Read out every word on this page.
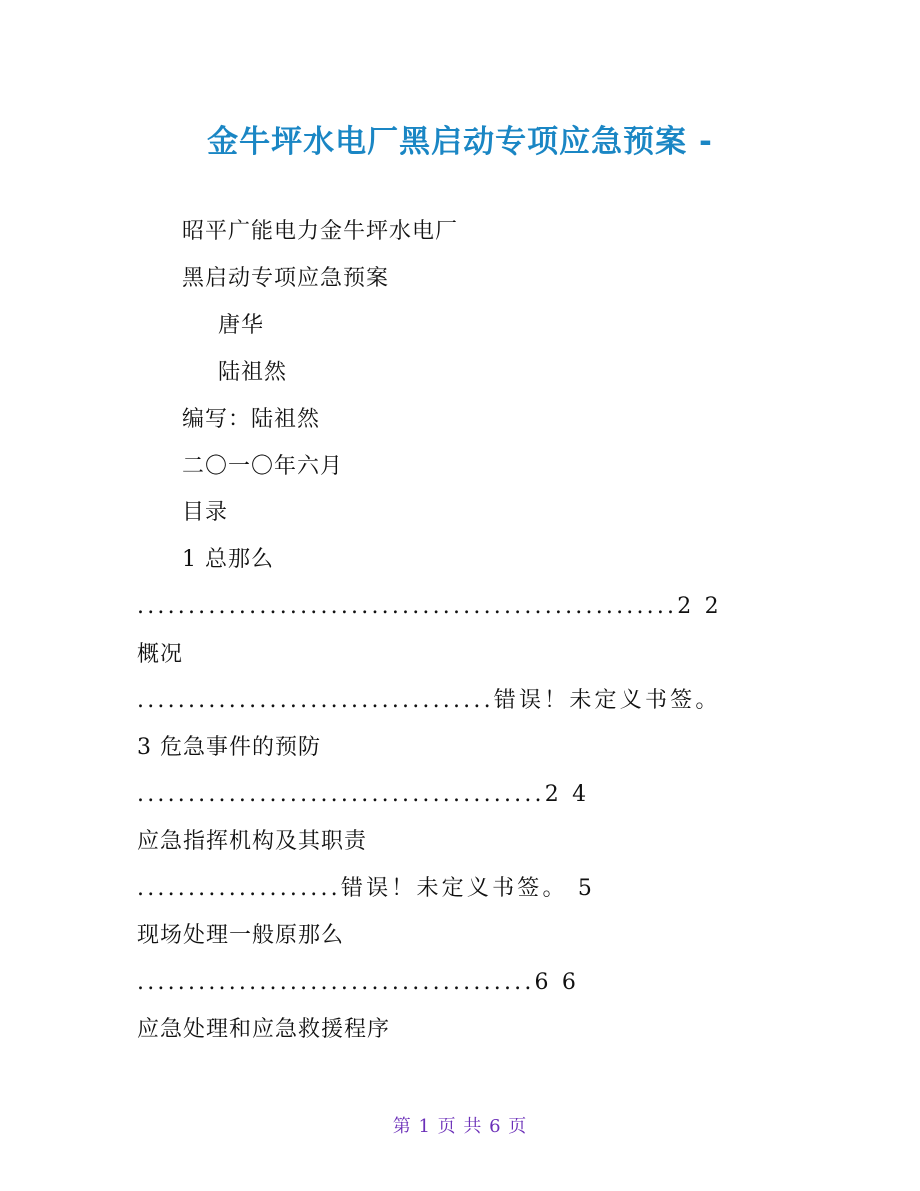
金牛坪水电厂黑启动专项应急预案 -
昭平广能电力金牛坪水电厂
黑启动专项应急预案
唐华
陆祖然
编写：陆祖然
二〇一〇年六月
目录
1 总那么
.....................................................2 2
概况
...................................错误！未定义书签。
3 危急事件的预防
........................................2 4
应急指挥机构及其职责
....................错误！未定义书签。 5
现场处理一般原那么
.......................................6 6
应急处理和应急救援程序
第 1 页 共 6 页
